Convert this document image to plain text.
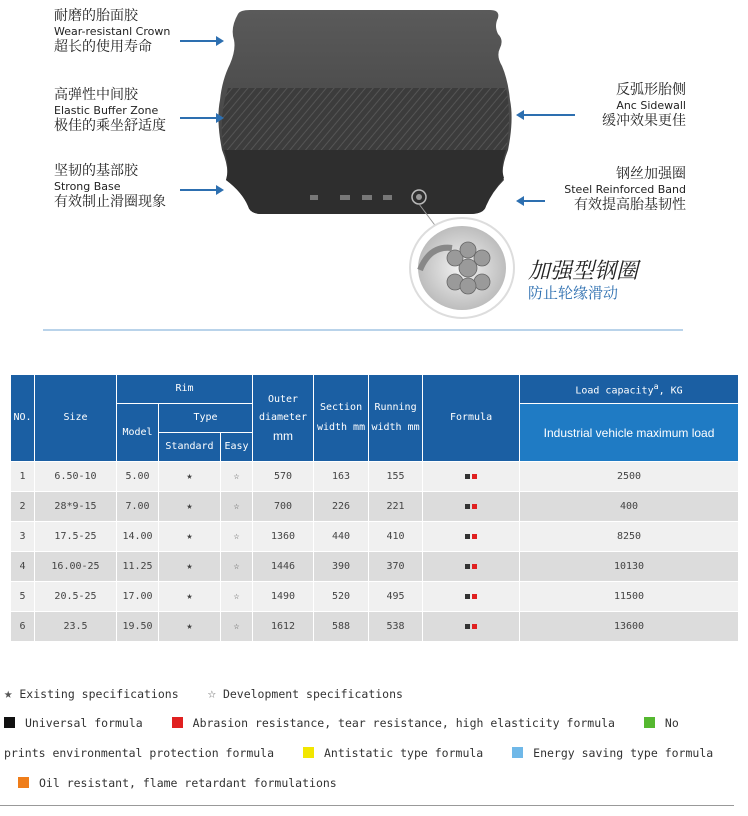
耐磨的胎面胶
Wear-resistanl Crown
超长的使用寿命
高弹性中间胶
Elastic Buffer Zone
极佳的乘坐舒适度
坚韧的基部胶
Strong Base
有效制止滑圈现象
反弧形胎侧
Anc Sidewall
缓冲效果更佳
钢丝加强圈
Steel Reinforced Band
有效提高胎基韧性
加强型钢圈
防止轮缘滑动
NO.	Size	Rim			Outer
diameter
mm	Section width mm	Running width mm	Formula	Load capacity$^a$, KG
		Model	Type						Industrial vehicle maximum load
			Standard	Easy					
1	6.50-10	5.00	★	☆	570	163	155		2500
2	28*9-15	7.00	★	☆	700	226	221		400
3	17.5-25	14.00	★	☆	1360	440	410		8250
4	16.00-25	11.25	★	☆	1446	390	370		10130
5	20.5-25	17.00	★	☆	1490	520	495		11500
6	23.5	19.50	★	☆	1612	588	538		13600
★ Existing specifications ☆ Development specifications
Universal formula	Abrasion resistance, tear resistance, high elasticity formula	No
prints environmental protection formula	Antistatic type formula	Energy saving type formula
Oil resistant, flame retardant formulations
